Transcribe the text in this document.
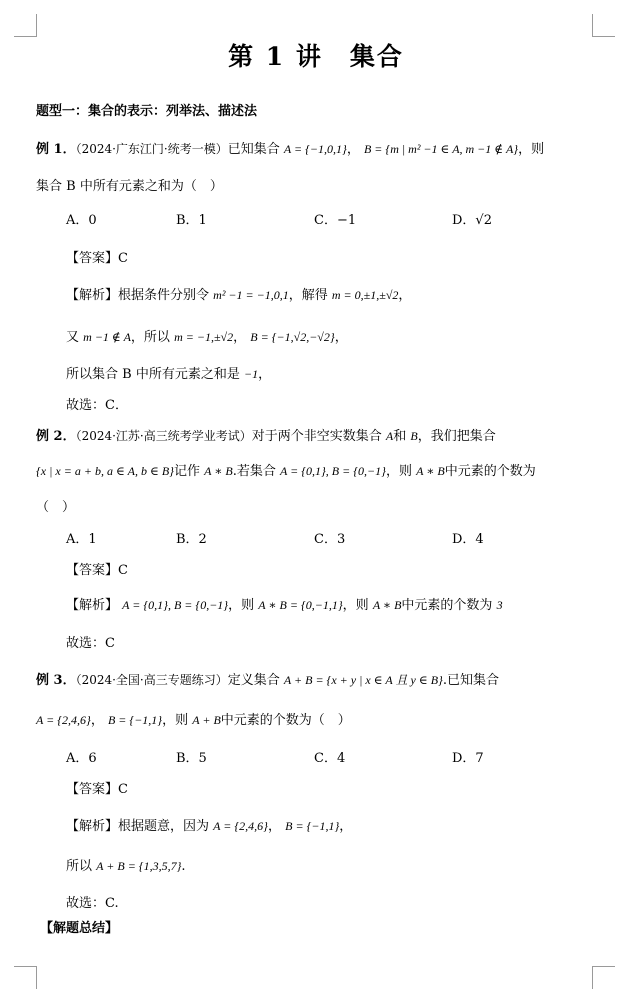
第 1 讲　集合
题型一：集合的表示：列举法、描述法
例 1．（2024·广东江门·统考一模）已知集合 A = {−1,0,1}， B = {m | m² −1 ∈ A, m −1 ∉ A}，则
集合 B 中所有元素之和为（　）
A．0	B．1	C．−1	D．√2
【答案】C
【解析】根据条件分别令 m² −1 = −1,0,1，解得 m = 0,±1,±√2，
又 m −1 ∉ A，所以 m = −1,±√2， B = {−1,√2,−√2}，
所以集合 B 中所有元素之和是 −1，
故选：C．
例 2．（2024·江苏·高三统考学业考试）对于两个非空实数集合 A和 B，我们把集合
{x | x = a + b, a ∈ A, b ∈ B}记作 A ∗ B.若集合 A = {0,1}, B = {0,−1}，则 A ∗ B中元素的个数为
（　）
A．1	B．2	C．3	D．4
【答案】C
【解析】 A = {0,1}, B = {0,−1}，则 A ∗ B = {0,−1,1}，则 A ∗ B中元素的个数为 3
故选：C
例 3．（2024·全国·高三专题练习）定义集合 A + B = {x + y | x ∈ A 且 y ∈ B}.已知集合
A = {2,4,6}， B = {−1,1}，则 A + B中元素的个数为（　）
A．6	B．5	C．4	D．7
【答案】C
【解析】根据题意，因为 A = {2,4,6}， B = {−1,1}，
所以 A + B = {1,3,5,7}.
故选：C.
【解题总结】
